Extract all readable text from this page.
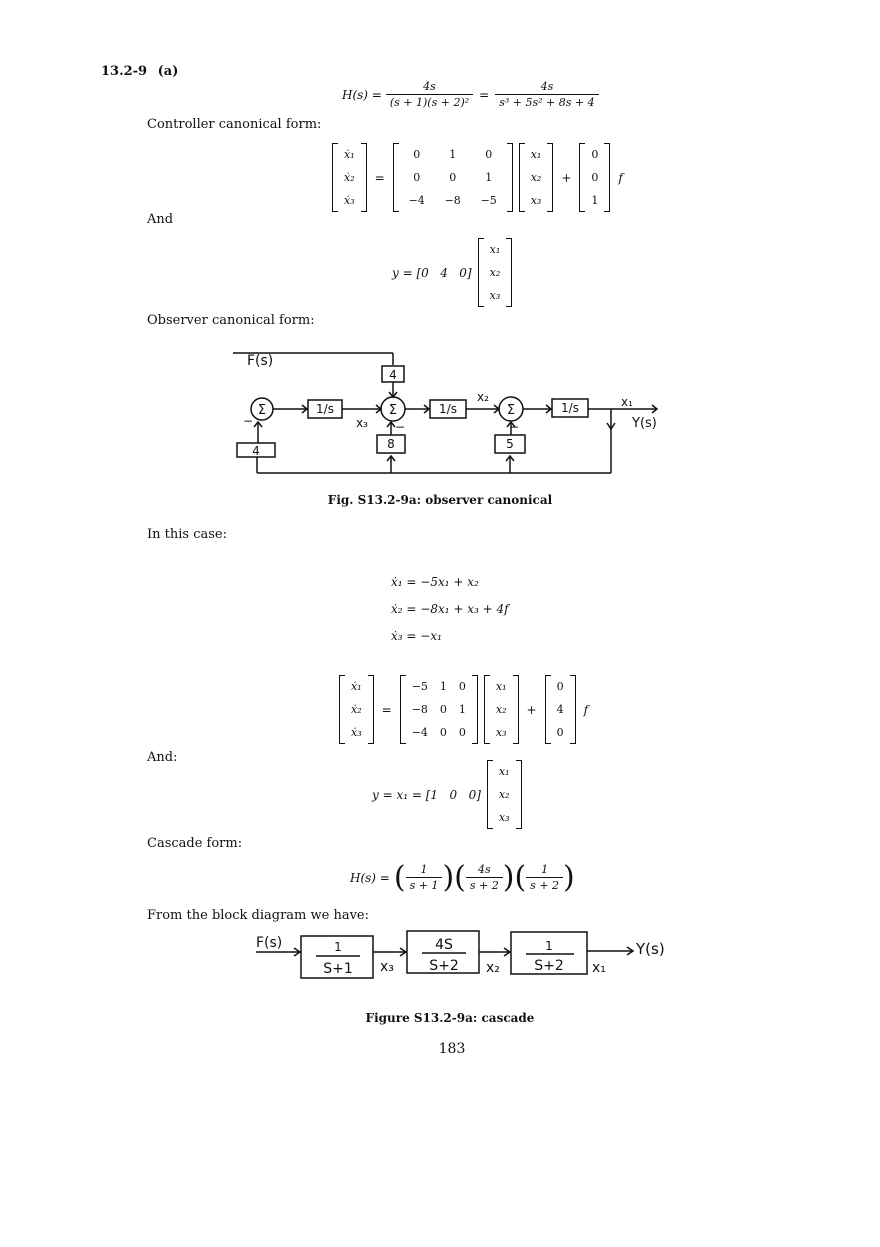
13.2-9 (a)
$H(s) = \frac{4s}{\text{(s + 1)(s + 2)²}} = \frac{4s}{\text{s³ + 5s² + 8s + 4}}$
Controller canonical form:
ẋ₁
ẋ₂
ẋ₃
=
0	1	0
0	0	1
−4	−8	−5
x₁
x₂
x₃
+
0
0
1
f
And
y = [0   4   0]
x₁
x₂
x₃
Observer canonical form:
F(s)
4
Σ	Σ	Σ
1/s	1/s	1/s
x₃
x₂	x₁
Y(s)
8	5
4
−	−	−
Fig. S13.2-9a: observer canonical
In this case:
ẋ₁ = −5x₁ + x₂
ẋ₂ = −8x₁ + x₃ + 4f
ẋ₃ = −x₁
ẋ₁
ẋ₂
ẋ₃
=
−5	1	0
−8	0	1
−4	0	0
x₁
x₂
x₃
+
0
4
0
f
And:
y = x₁ = [1   0   0]
x₁
x₂
x₃
Cascade form:
H(s) = ( $\frac{1}{s + 1}$ ) ( $\frac{4s}{s + 2}$ ) ( $\frac{1}{s + 2}$ )
From the block diagram we have:
F(s)	1
S+1
4S
S+2
1
S+2
x₃	x₂	x₁
Y(s)
Figure S13.2-9a: cascade
183
